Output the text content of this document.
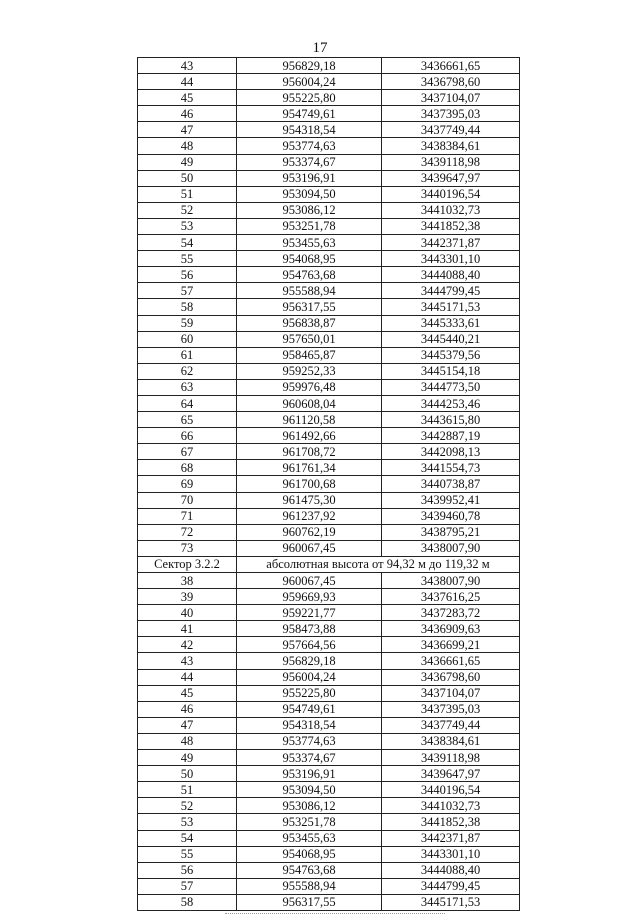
17
43	956829,18	3436661,65
44	956004,24	3436798,60
45	955225,80	3437104,07
46	954749,61	3437395,03
47	954318,54	3437749,44
48	953774,63	3438384,61
49	953374,67	3439118,98
50	953196,91	3439647,97
51	953094,50	3440196,54
52	953086,12	3441032,73
53	953251,78	3441852,38
54	953455,63	3442371,87
55	954068,95	3443301,10
56	954763,68	3444088,40
57	955588,94	3444799,45
58	956317,55	3445171,53
59	956838,87	3445333,61
60	957650,01	3445440,21
61	958465,87	3445379,56
62	959252,33	3445154,18
63	959976,48	3444773,50
64	960608,04	3444253,46
65	961120,58	3443615,80
66	961492,66	3442887,19
67	961708,72	3442098,13
68	961761,34	3441554,73
69	961700,68	3440738,87
70	961475,30	3439952,41
71	961237,92	3439460,78
72	960762,19	3438795,21
73	960067,45	3438007,90
Сектор 3.2.2	абсолютная высота от 94,32 м до 119,32 м	
38	960067,45	3438007,90
39	959669,93	3437616,25
40	959221,77	3437283,72
41	958473,88	3436909,63
42	957664,56	3436699,21
43	956829,18	3436661,65
44	956004,24	3436798,60
45	955225,80	3437104,07
46	954749,61	3437395,03
47	954318,54	3437749,44
48	953774,63	3438384,61
49	953374,67	3439118,98
50	953196,91	3439647,97
51	953094,50	3440196,54
52	953086,12	3441032,73
53	953251,78	3441852,38
54	953455,63	3442371,87
55	954068,95	3443301,10
56	954763,68	3444088,40
57	955588,94	3444799,45
58	956317,55	3445171,53
